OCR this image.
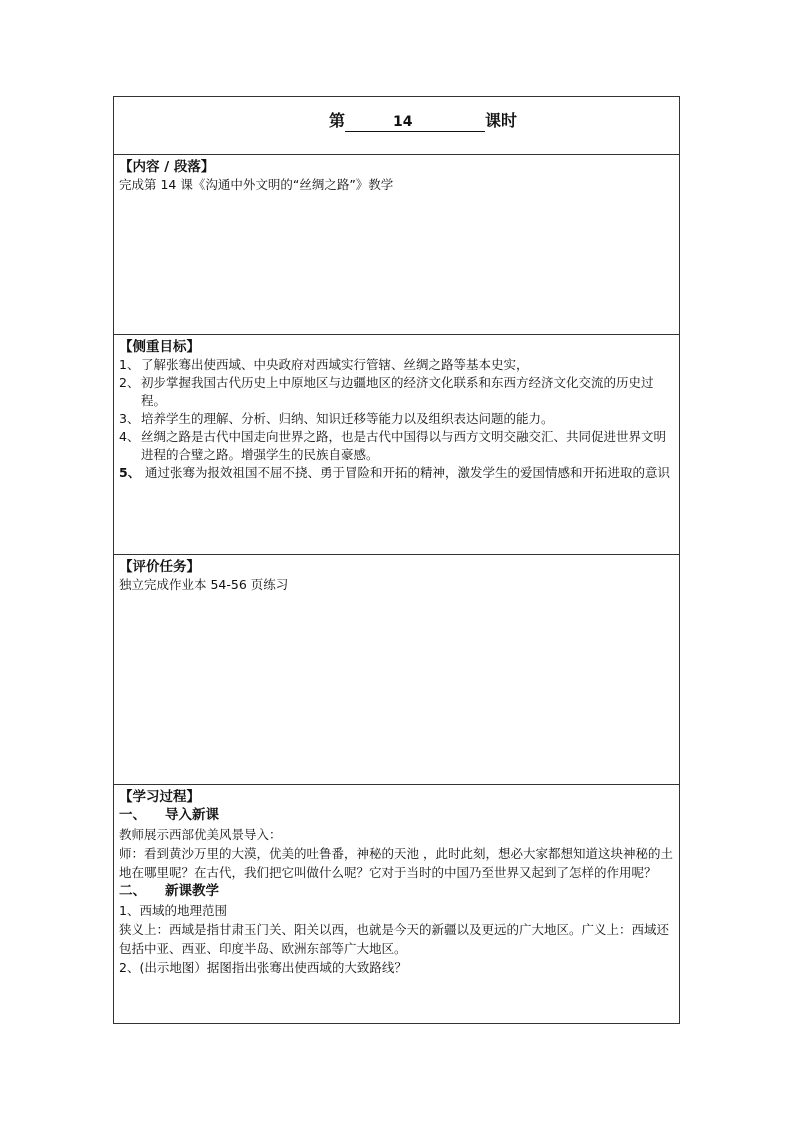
第	14	课时

【内容 / 段落】

完成第 14 课《沟通中外文明的“丝绸之路”》教学

【侧重目标】

1、 了解张骞出使西域、中央政府对西域实行管辖、丝绸之路等基本史实，
2、 初步掌握我国古代历史上中原地区与边疆地区的经济文化联系和东西方经济文化交流的历史过程。
3、 培养学生的理解、分析、归纳、知识迁移等能力以及组织表达问题的能力。
4、 丝绸之路是古代中国走向世界之路，也是古代中国得以与西方文明交融交汇、共同促进世界文明进程的合璧之路。增强学生的民族自豪感。
5、 通过张骞为报效祖国不屈不挠、勇于冒险和开拓的精神，激发学生的爱国情感和开拓进取的意识

【评价任务】

独立完成作业本 54-56 页练习

【学习过程】

一、	导入新课

教师展示西部优美风景导入：

师：看到黄沙万里的大漠，优美的吐鲁番，神秘的天池 ，此时此刻，想必大家都想知道这块神秘的土地在哪里呢？在古代，我们把它叫做什么呢？它对于当时的中国乃至世界又起到了怎样的作用呢？

二、	新课教学

1、西域的地理范围

狭义上：西域是指甘肃玉门关、阳关以西，也就是今天的新疆以及更远的广大地区。广义上：西域还包括中亚、西亚、印度半岛、欧洲东部等广大地区。

2、(出示地图）据图指出张骞出使西域的大致路线？
